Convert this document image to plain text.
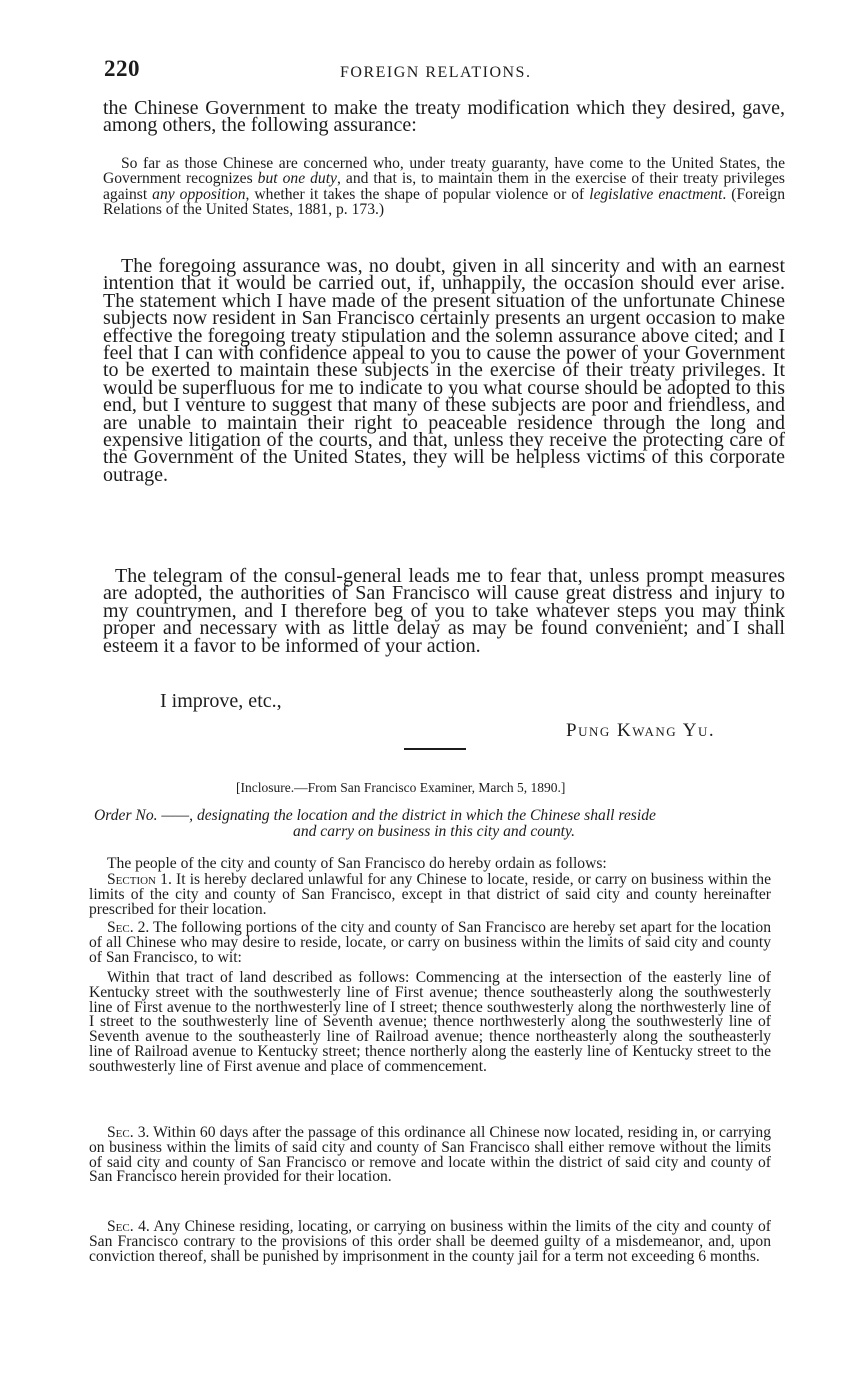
220	FOREIGN RELATIONS.

the Chinese Government to make the treaty modification which they desired, gave, among others, the following assurance:

So far as those Chinese are concerned who, under treaty guaranty, have come to the United States, the Government recognizes but one duty, and that is, to maintain them in the exercise of their treaty privileges against any opposition, whether it takes the shape of popular violence or of legislative enactment. (Foreign Relations of the United States, 1881, p. 173.)

The foregoing assurance was, no doubt, given in all sincerity and with an earnest intention that it would be carried out, if, unhappily, the occasion should ever arise. The statement which I have made of the present situation of the unfortunate Chinese subjects now resident in San Francisco certainly presents an urgent occasion to make effective the foregoing treaty stipulation and the solemn assurance above cited; and I feel that I can with confidence appeal to you to cause the power of your Government to be exerted to maintain these subjects in the exercise of their treaty privileges. It would be superfluous for me to indicate to you what course should be adopted to this end, but I venture to suggest that many of these subjects are poor and friendless, and are unable to maintain their right to peaceable residence through the long and expensive litigation of the courts, and that, unless they receive the protecting care of the Government of the United States, they will be helpless victims of this corporate outrage.

The telegram of the consul-general leads me to fear that, unless prompt measures are adopted, the authorities of San Francisco will cause great distress and injury to my countrymen, and I therefore beg of you to take whatever steps you may think proper and necessary with as little delay as may be found convenient; and I shall esteem it a favor to be informed of your action.

I improve, etc.,

Pung Kwang Yu.

[Inclosure.—From San Francisco Examiner, March 5, 1890.]

Order No. ——, designating the location and the district in which the Chinese shall reside
and carry on business in this city and county.

The people of the city and county of San Francisco do hereby ordain as follows:

Section 1. It is hereby declared unlawful for any Chinese to locate, reside, or carry on business within the limits of the city and county of San Francisco, except in that district of said city and county hereinafter prescribed for their location.

Sec. 2. The following portions of the city and county of San Francisco are hereby set apart for the location of all Chinese who may desire to reside, locate, or carry on business within the limits of said city and county of San Francisco, to wit:

Within that tract of land described as follows: Commencing at the intersection of the easterly line of Kentucky street with the southwesterly line of First avenue; thence southeasterly along the southwesterly line of First avenue to the northwesterly line of I street; thence southwesterly along the northwesterly line of I street to the southwesterly line of Seventh avenue; thence northwesterly along the southwesterly line of Seventh avenue to the southeasterly line of Railroad avenue; thence northeasterly along the southeasterly line of Railroad avenue to Kentucky street; thence northerly along the easterly line of Kentucky street to the southwesterly line of First avenue and place of commencement.

Sec. 3. Within 60 days after the passage of this ordinance all Chinese now located, residing in, or carrying on business within the limits of said city and county of San Francisco shall either remove without the limits of said city and county of San Francisco or remove and locate within the district of said city and county of San Francisco herein provided for their location.

Sec. 4. Any Chinese residing, locating, or carrying on business within the limits of the city and county of San Francisco contrary to the provisions of this order shall be deemed guilty of a misdemeanor, and, upon conviction thereof, shall be punished by imprisonment in the county jail for a term not exceeding 6 months.
